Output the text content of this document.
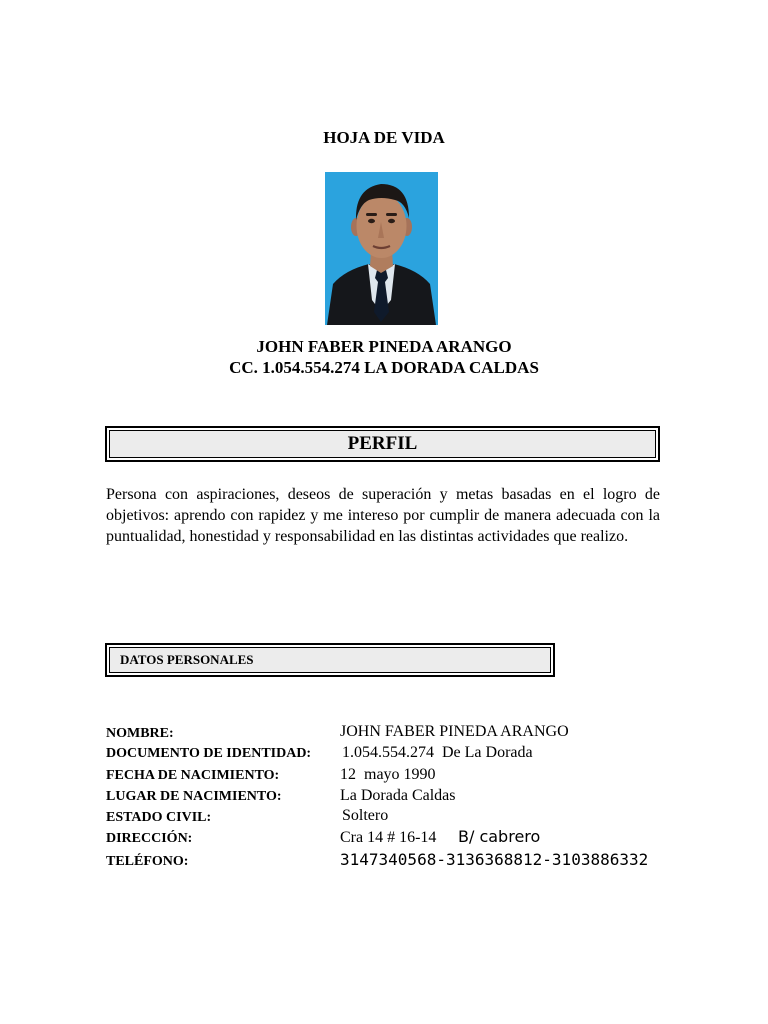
HOJA DE VIDA
JOHN FABER PINEDA ARANGO
CC. 1.054.554.274 LA DORADA CALDAS
PERFIL
Persona con aspiraciones, deseos de superación y metas basadas en el logro de objetivos: aprendo con rapidez y me intereso por cumplir de manera adecuada con la puntualidad, honestidad y responsabilidad en las distintas actividades que realizo.
DATOS PERSONALES
NOMBRE:	JOHN FABER PINEDA ARANGO
DOCUMENTO DE IDENTIDAD: 1.054.554.274  De La Dorada
FECHA DE NACIMIENTO:	12  mayo 1990
LUGAR DE NACIMIENTO:	La Dorada Caldas
ESTADO CIVIL:	Soltero
DIRECCIÓN:	Cra 14 # 16-14 B/ cabrero
TELÉFONO:	3147340568-3136368812-3103886332
